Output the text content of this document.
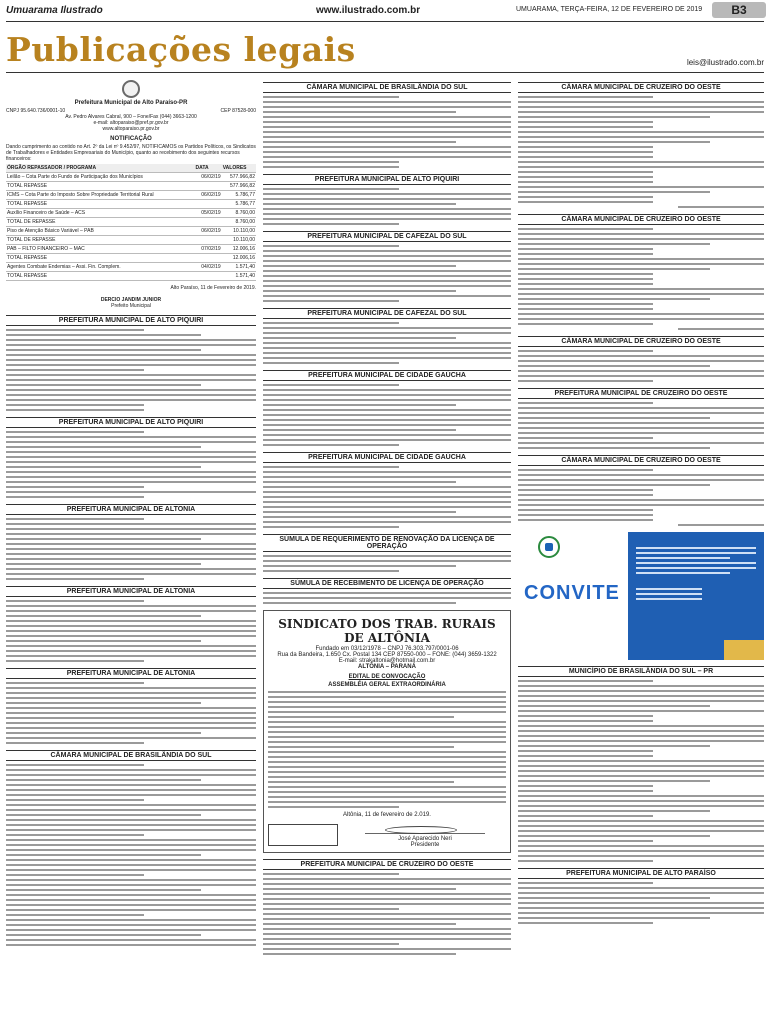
Umuarama Ilustrado	www.ilustrado.com.br	UMUARAMA, TERÇA-FEIRA, 12 DE FEVEREIRO DE 2019	B3
Publicações legais	leis@ilustrado.com.br
Prefeitura Municipal de Alto Paraíso-PR
CNPJ 95.640.736/0001-10	CEP 87528-000
Av. Pedro Alvares Cabral, 900 – Fone/Fax (044) 3663-1200
e-mail: altoparaiso@pref.pr.gov.br
www.altoparaiso.pr.gov.br
NOTIFICAÇÃO
Dando cumprimento ao contido no Art. 2º da Lei nº 9.452/97, NOTIFICAMOS os Partidos Políticos, os Sindicatos de Trabalhadores e Entidades Empresariais do Município, quanto ao recebimento dos seguintes recursos financeiros:
ÓRGÃO REPASSADOR / PROGRAMA	DATA	VALORES
Leilão – Cota Parte do Fundo de Participação dos Municípios	06/02/19	577.966,82
TOTAL REPASSE		577.966,82
ICMS – Cota Parte do Imposto Sobre Propriedade Territorial Rural	06/02/19	5.786,77
TOTAL REPASSE		5.786,77
Auxílio Financeiro de Saúde – ACS	05/02/19	8.760,00
TOTAL DE REPASSE		8.760,00
Piso de Atenção Básico Variável – PAB	06/02/19	10.110,00
TOTAL DE REPASSE		10.110,00
PAB – FILTO FINANCEIRO – MAC	07/02/19	12.006,16
TOTAL REPASSE		12.006,16
Agentes Combate Endemias – Assi. Fin. Complem.	04/02/19	1.571,40
TOTAL REPASSE		1.571,40
Alto Paraíso, 11 de Fevereiro de 2019.
DERCIO JANDIM JUNIOR
Prefeito Municipal
PREFEITURA MUNICIPAL DE ALTO PIQUIRI
PREFEITURA MUNICIPAL DE ALTO PIQUIRI
PREFEITURA MUNICIPAL DE ALTONIA
PREFEITURA MUNICIPAL DE ALTONIA
PREFEITURA MUNICIPAL DE ALTONIA
CÂMARA MUNICIPAL DE BRASILÂNDIA DO SUL
CÂMARA MUNICIPAL DE BRASILÂNDIA DO SUL
PREFEITURA MUNICIPAL DE ALTO PIQUIRI
PREFEITURA MUNICIPAL DE CAFEZAL DO SUL
PREFEITURA MUNICIPAL DE CAFEZAL DO SUL
PREFEITURA MUNICIPAL DE CIDADE GAÚCHA
PREFEITURA MUNICIPAL DE CIDADE GAÚCHA
SÚMULA DE REQUERIMENTO DE RENOVAÇÃO DA LICENÇA DE OPERAÇÃO
SÚMULA DE RECEBIMENTO DE LICENÇA DE OPERAÇÃO
SINDICATO DOS TRAB. RURAIS DE ALTÔNIA
Fundado em 03/12/1978 – CNPJ 76.303.797/0001-06
Rua da Bandeira, 1.650 Cx. Postal 134 CEP 87550-000 – FONE: (044) 3659-1322
E-mail: strakaltonia@hotmail.com.br
ALTÔNIA – PARANÁ
EDITAL DE CONVOCAÇÃO
ASSEMBLÉIA GERAL EXTRAORDINÁRIA
Altônia, 11 de fevereiro de 2.019.
José Aparecido Neri
Presidente
PREFEITURA MUNICIPAL DE CRUZEIRO DO OESTE
CÂMARA MUNICIPAL DE CRUZEIRO DO OESTE
CÂMARA MUNICIPAL DE CRUZEIRO DO OESTE
CÂMARA MUNICIPAL DE CRUZEIRO DO OESTE
PREFEITURA MUNICIPAL DE CRUZEIRO DO OESTE
CÂMARA MUNICIPAL DE CRUZEIRO DO OESTE
CONVITE
MUNICÍPIO DE BRASILÂNDIA DO SUL – PR
PREFEITURA MUNICIPAL DE ALTO PARAÍSO
